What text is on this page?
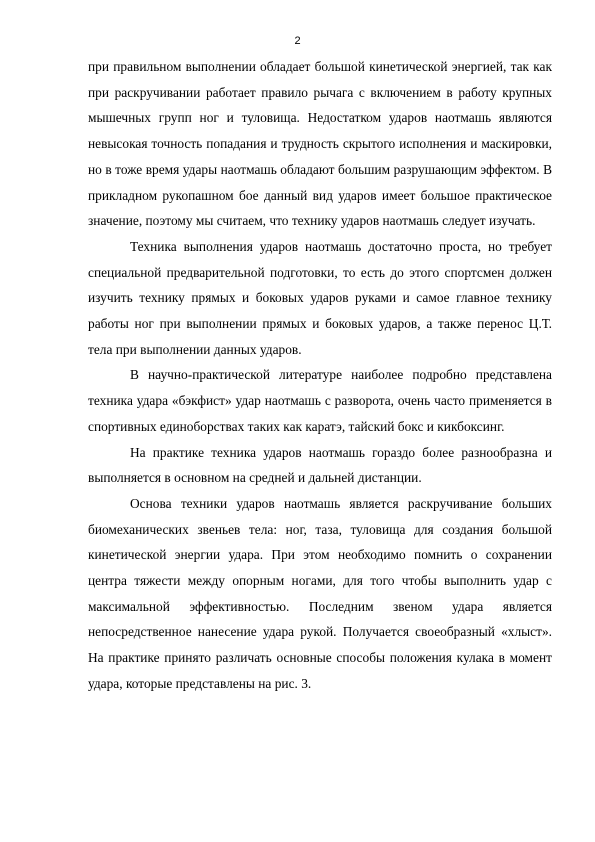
2

при правильном выполнении обладает большой кинетической энергией, так как при раскручивании работает правило рычага с включением в работу крупных мышечных групп ног и туловища. Недостатком ударов наотмашь являются невысокая точность попадания и трудность скрытого исполнения и маскировки, но в тоже время удары наотмашь обладают большим разрушающим эффектом. В прикладном рукопашном бое данный вид ударов имеет большое практическое значение, поэтому мы считаем, что технику ударов наотмашь следует изучать.

Техника выполнения ударов наотмашь достаточно проста, но требует специальной предварительной подготовки, то есть до этого спортсмен должен изучить технику прямых и боковых ударов руками и самое главное технику работы ног при выполнении прямых и боковых ударов, а также перенос Ц.Т. тела при выполнении данных ударов.

В научно-практической литературе наиболее подробно представлена техника удара «бэкфист» удар наотмашь с разворота, очень часто применяется в спортивных единоборствах таких как каратэ, тайский бокс и кикбоксинг.

На практике техника ударов наотмашь гораздо более разнообразна и выполняется в основном на средней и дальней дистанции.

Основа техники ударов наотмашь является раскручивание больших биомеханических звеньев тела: ног, таза, туловища для создания большой кинетической энергии удара. При этом необходимо помнить о сохранении центра тяжести между опорным ногами, для того чтобы выполнить удар с максимальной эффективностью. Последним звеном удара является непосредственное нанесение удара рукой. Получается своеобразный «хлыст». На практике принято различать основные способы положения кулака в момент удара, которые представлены на рис. 3.
